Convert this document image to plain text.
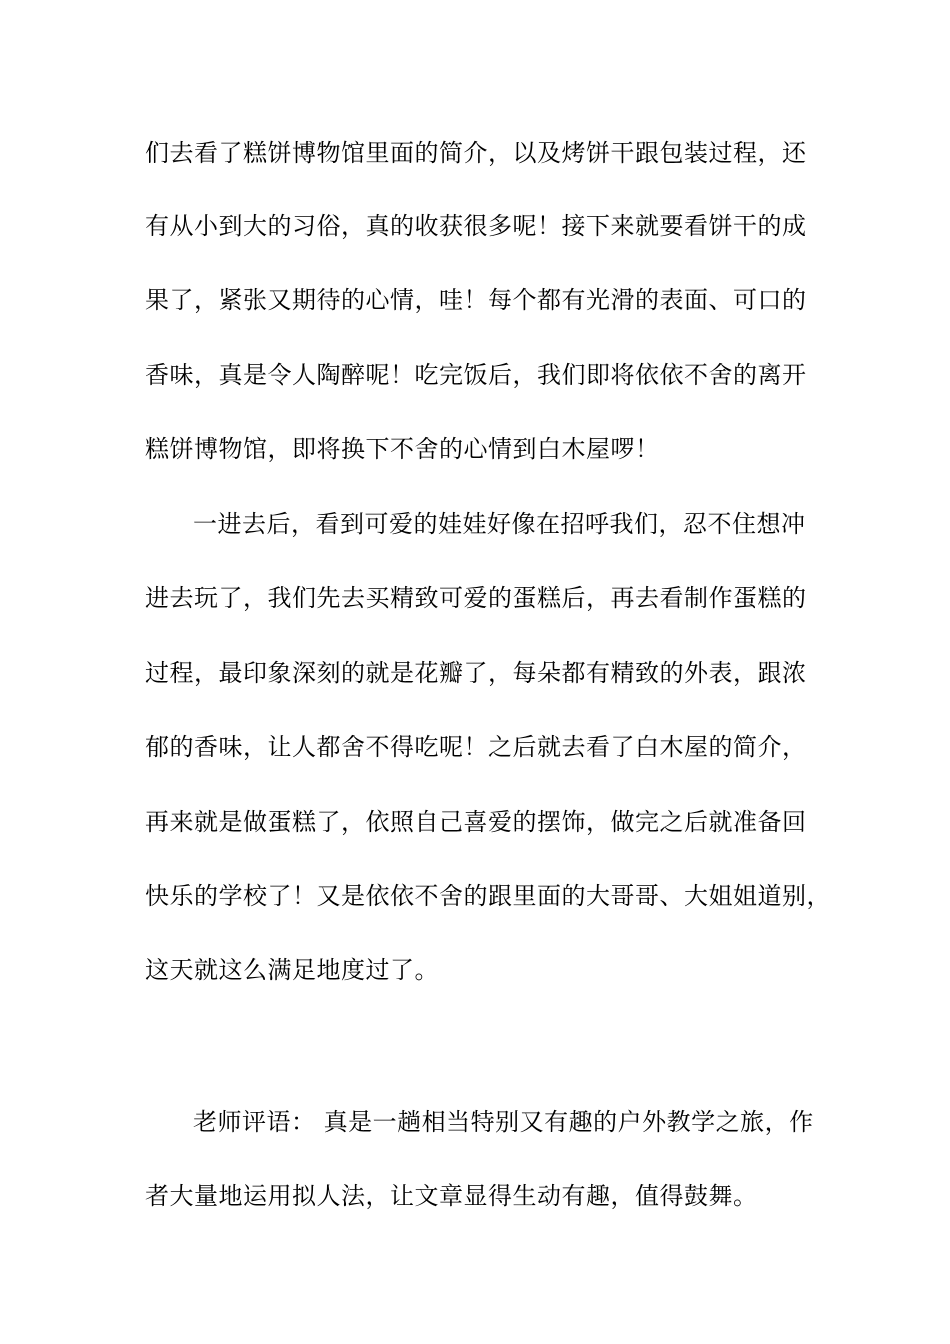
们去看了糕饼博物馆里面的简介，以及烤饼干跟包装过程，还
有从小到大的习俗，真的收获很多呢！接下来就要看饼干的成
果了，紧张又期待的心情，哇！每个都有光滑的表面、可口的
香味，真是令人陶醉呢！吃完饭后，我们即将依依不舍的离开
糕饼博物馆，即将换下不舍的心情到白木屋啰！
一进去后，看到可爱的娃娃好像在招呼我们，忍不住想冲
进去玩了，我们先去买精致可爱的蛋糕后，再去看制作蛋糕的
过程，最印象深刻的就是花瓣了，每朵都有精致的外表，跟浓
郁的香味，让人都舍不得吃呢！之后就去看了白木屋的简介，
再来就是做蛋糕了，依照自己喜爱的摆饰，做完之后就准备回
快乐的学校了！又是依依不舍的跟里面的大哥哥、大姐姐道别，
这天就这么满足地度过了。
老师评语： 真是一趟相当特别又有趣的户外教学之旅，作
者大量地运用拟人法，让文章显得生动有趣，值得鼓舞。
